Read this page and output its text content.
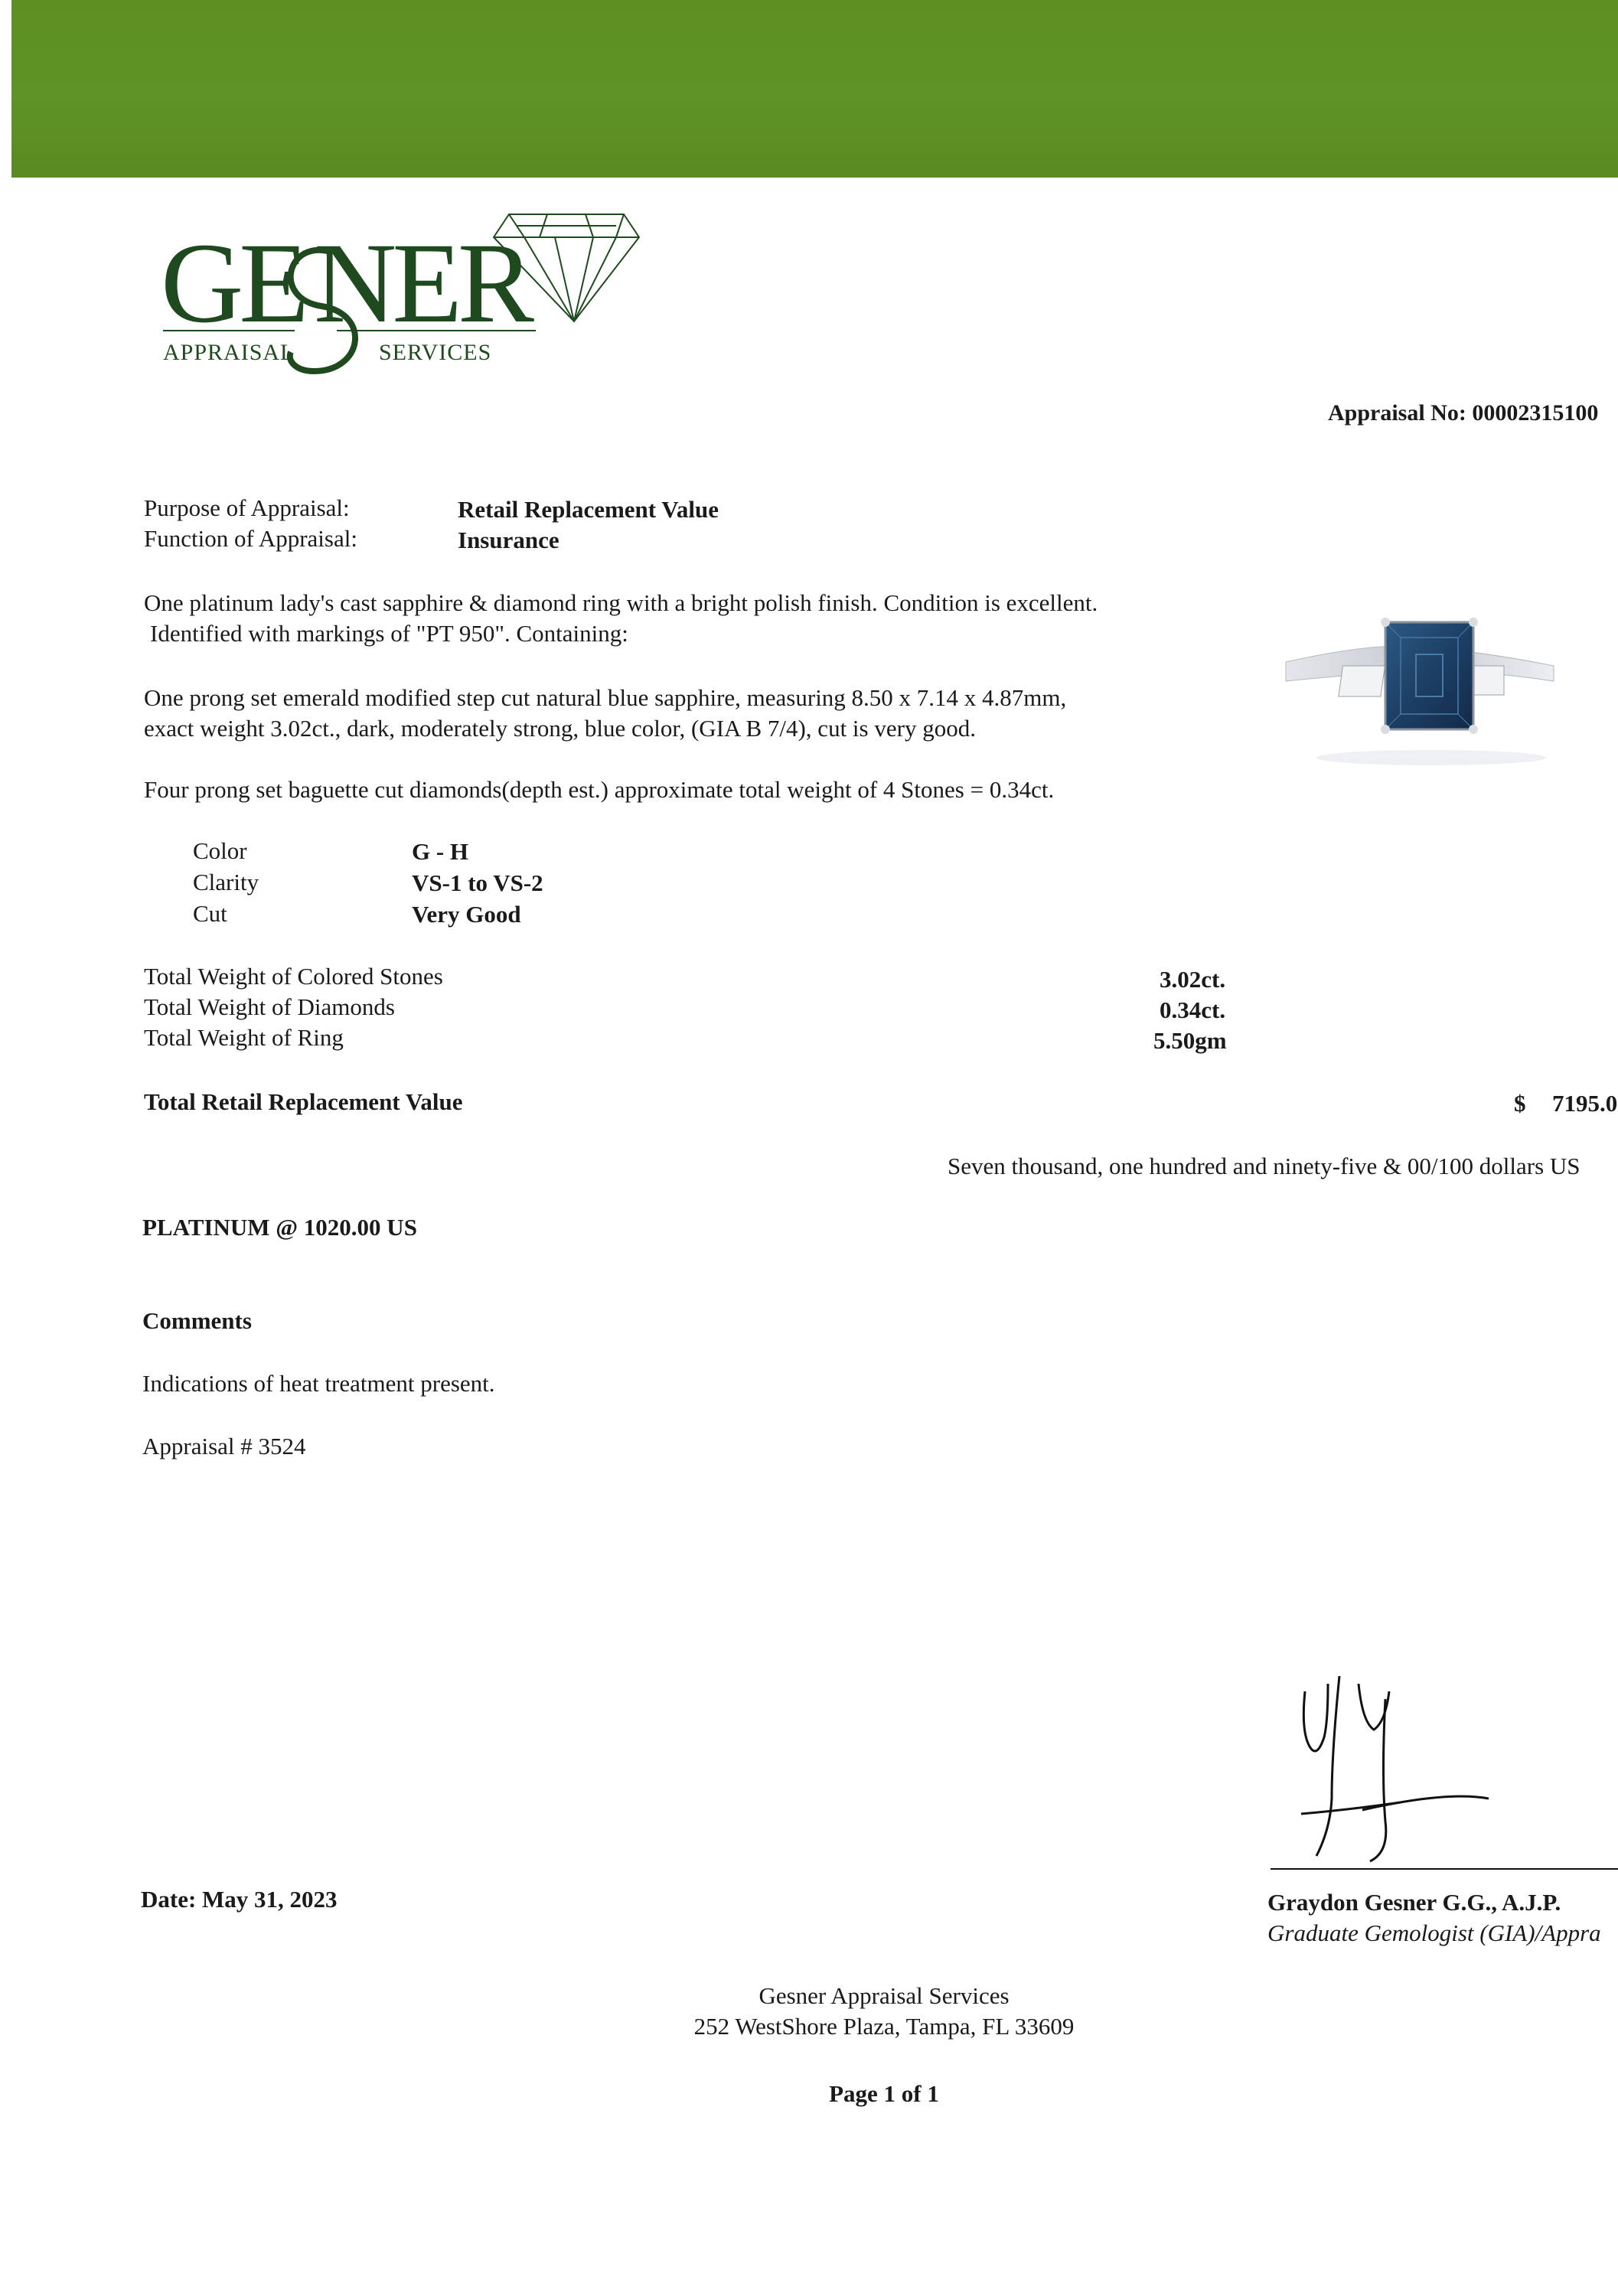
GE NER
APPRAISAL	SERVICES
Appraisal No: 00002315100
Purpose of Appraisal:	Retail Replacement Value
Function of Appraisal:	Insurance
One platinum lady's cast sapphire & diamond ring with a bright polish finish. Condition is excellent.
Identified with markings of "PT 950". Containing:
One prong set emerald modified step cut natural blue sapphire, measuring 8.50 x 7.14 x 4.87mm,
exact weight 3.02ct., dark, moderately strong, blue color, (GIA B 7/4), cut is very good.
Four prong set baguette cut diamonds(depth est.) approximate total weight of 4 Stones = 0.34ct.
Color	G - H
Clarity	VS-1 to VS-2
Cut	Very Good
Total Weight of Colored Stones	3.02ct.
Total Weight of Diamonds	0.34ct.
Total Weight of Ring	5.50gm
Total Retail Replacement Value	$ 7195.0
Seven thousand, one hundred and ninety-five & 00/100 dollars US
PLATINUM @ 1020.00 US
Comments
Indications of heat treatment present.
Appraisal # 3524
Date: May 31, 2023	Graydon Gesner G.G., A.J.P.
Graduate Gemologist (GIA)/Appra
Gesner Appraisal Services
252 WestShore Plaza, Tampa, FL 33609
Page 1 of 1
